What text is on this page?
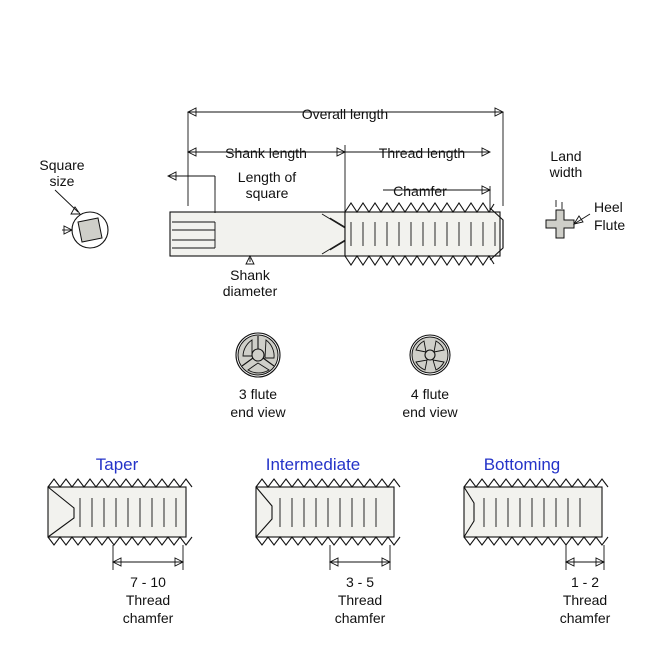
Overall length
Shank length	Thread length
Length of
square	Chamfer
Square
size
Shank
diameter
Land
width
Heel
Flute
3 flute
end view
4 flute
end view
Taper	Intermediate	Bottoming
7 - 10
Thread
chamfer
3 - 5
Thread
chamfer
1 - 2
Thread
chamfer
